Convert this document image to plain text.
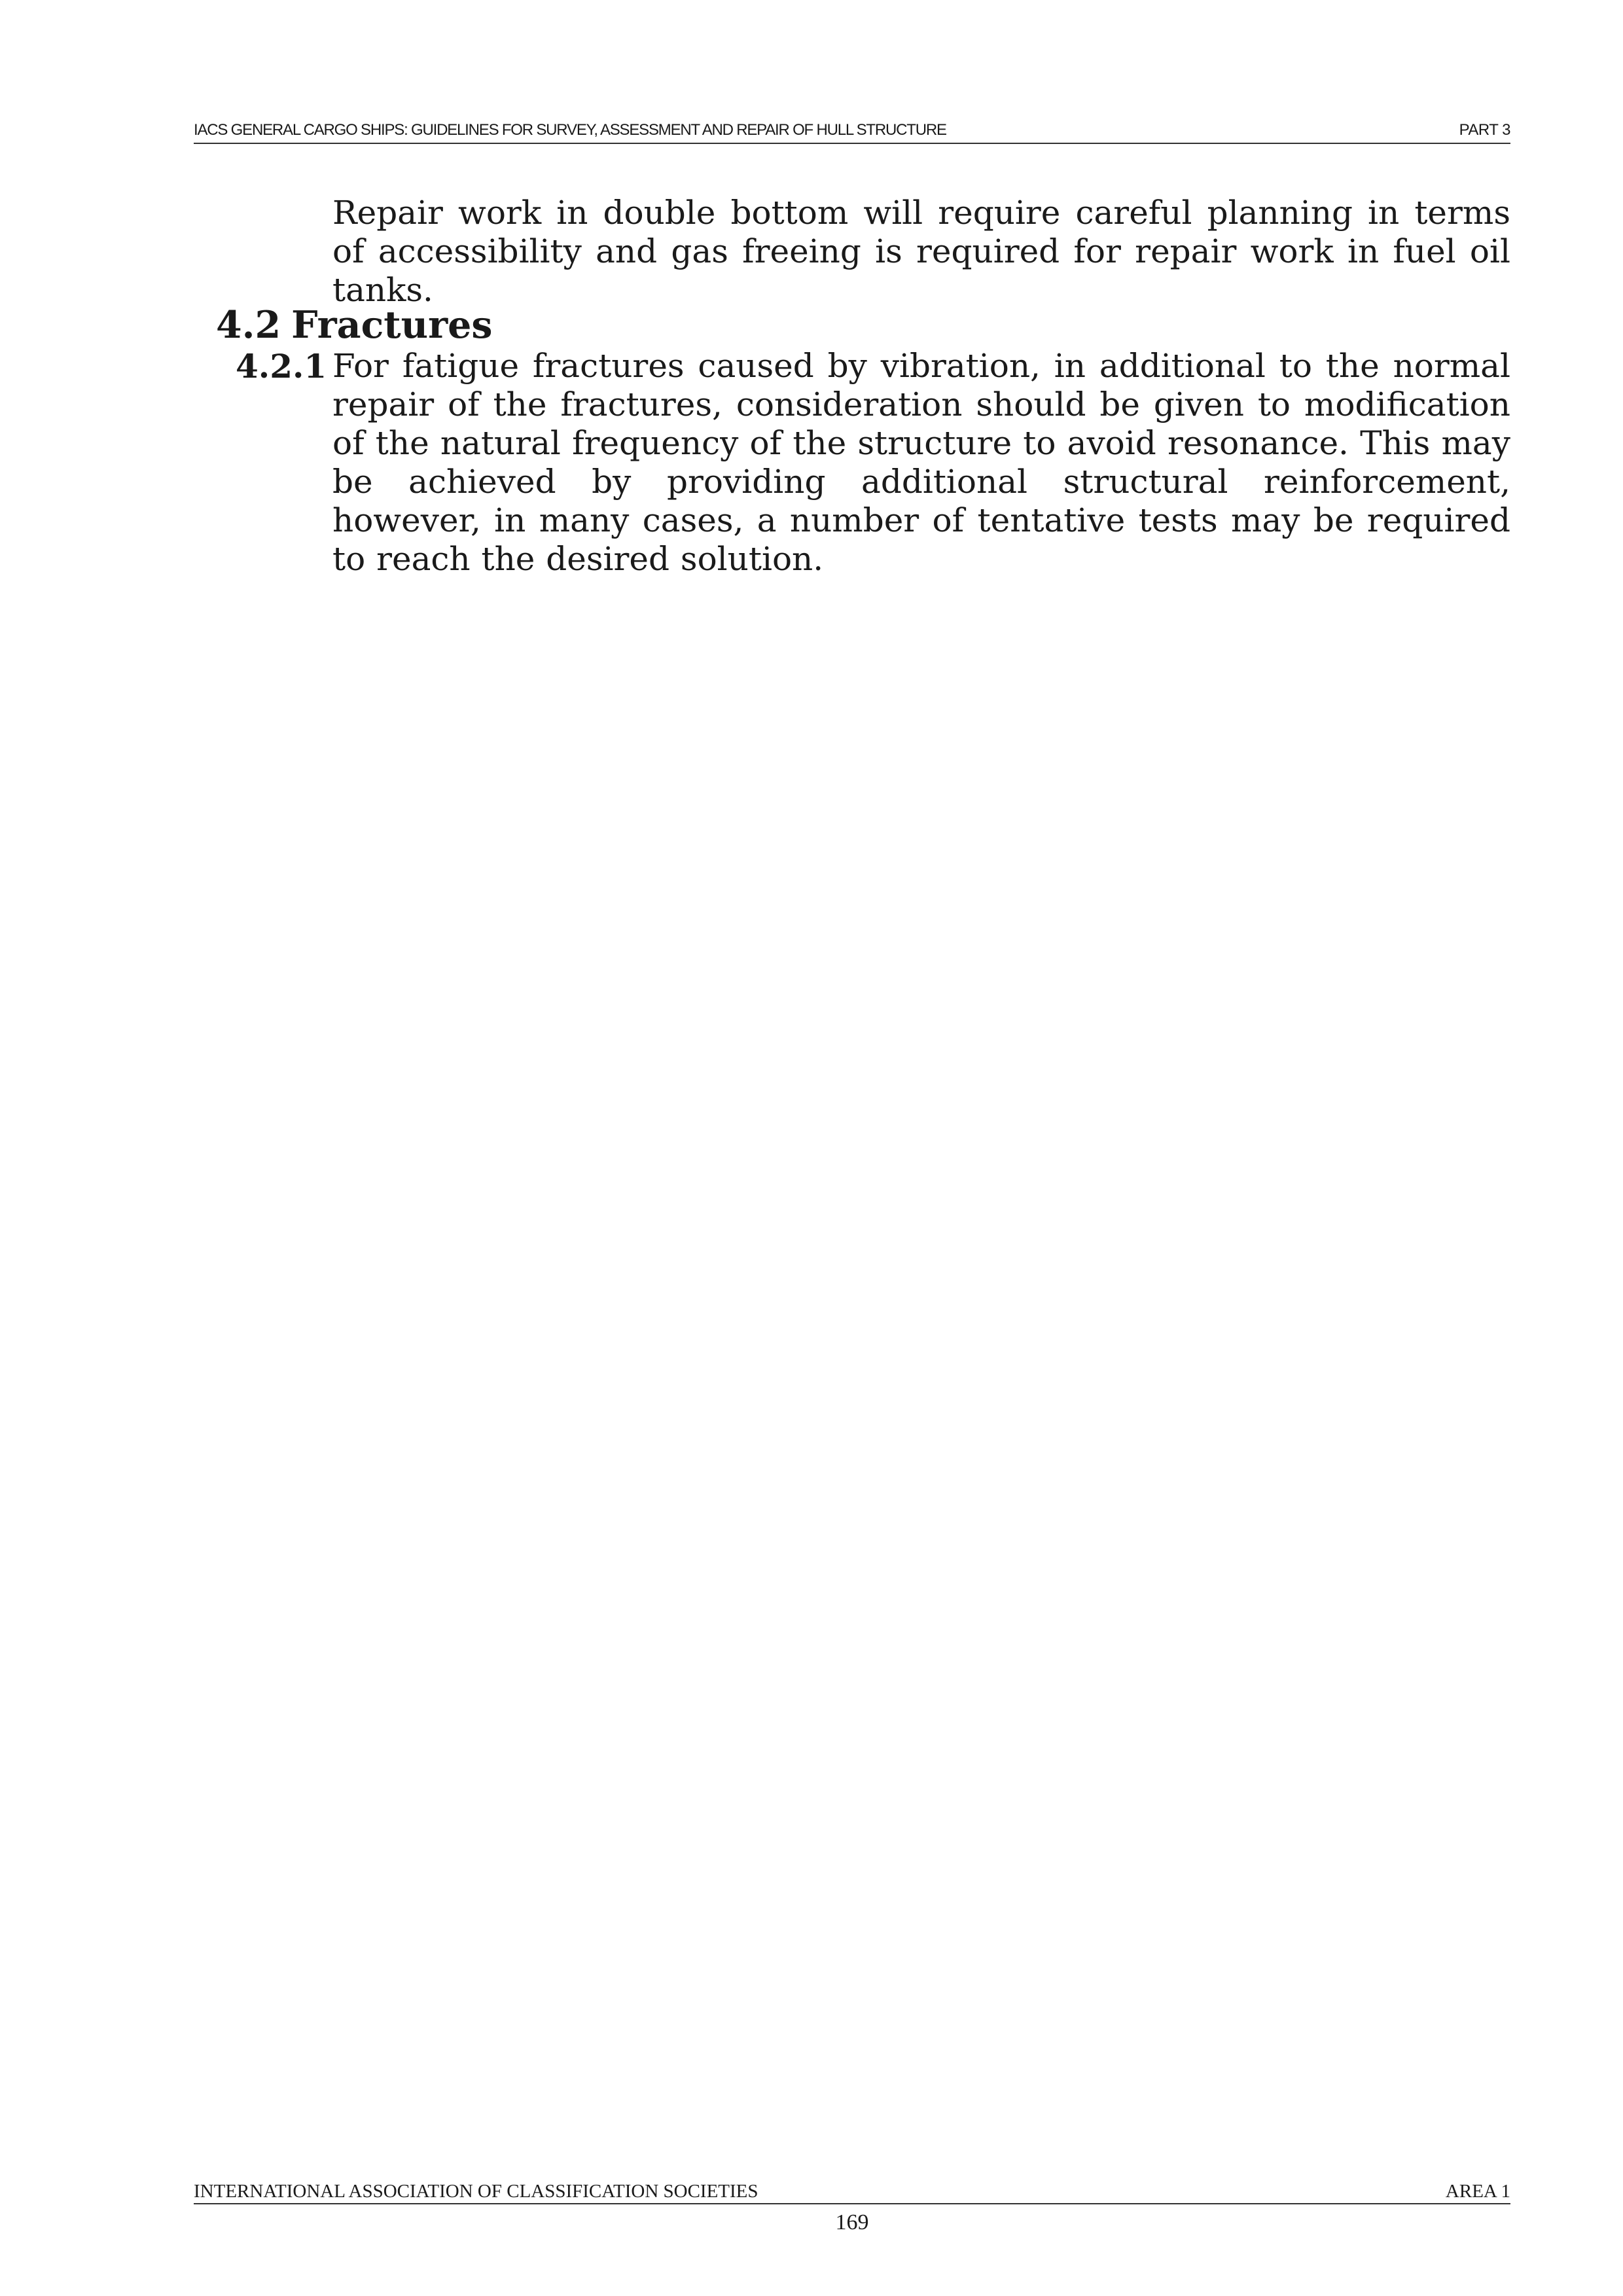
IACS GENERAL CARGO SHIPS: GUIDELINES FOR SURVEY, ASSESSMENT AND REPAIR OF HULL STRUCTURE	PART 3

Repair work in double bottom will require careful planning in terms of accessibility and gas freeing is required for repair work in fuel oil tanks.

4.2 Fractures
4.2.1 For fatigue fractures caused by vibration, in additional to the normal repair of the fractures, consideration should be given to modification of the natural frequency of the structure to avoid resonance. This may be achieved by providing additional structural reinforcement, however, in many cases, a number of tentative tests may be required to reach the desired solution.

INTERNATIONAL ASSOCIATION OF CLASSIFICATION SOCIETIES	AREA 1
169
